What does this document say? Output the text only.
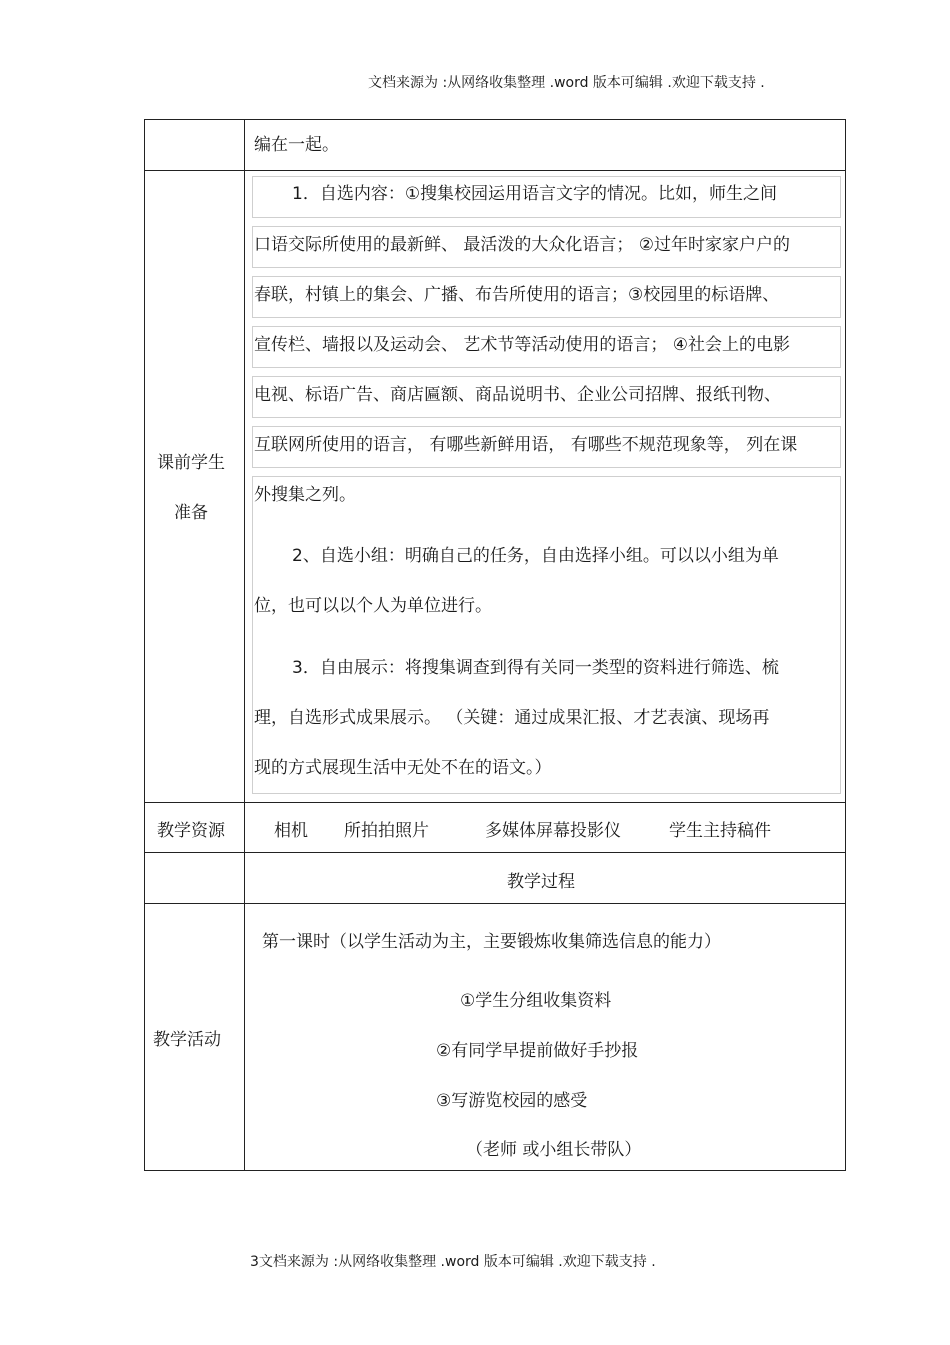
文档来源为 :从网络收集整理 .word 版本可编辑 .欢迎下载支持 .
编在一起。
课前学生
准备
1．自选内容：①搜集校园运用语言文字的情况。比如，师生之间
口语交际所使用的最新鲜、 最活泼的大众化语言； ②过年时家家户户的
春联，村镇上的集会、广播、布告所使用的语言；③校园里的标语牌、
宣传栏、墙报以及运动会、 艺术节等活动使用的语言； ④社会上的电影
电视、标语广告、商店匾额、商品说明书、企业公司招牌、报纸刊物、
互联网所使用的语言， 有哪些新鲜用语， 有哪些不规范现象等， 列在课
外搜集之列。
2、自选小组：明确自己的任务，自由选择小组。可以以小组为单
位，也可以以个人为单位进行。
3．自由展示：将搜集调查到得有关同一类型的资料进行筛选、梳
理，自选形式成果展示。 （关键：通过成果汇报、才艺表演、现场再
现的方式展现生活中无处不在的语文。）
教学资源	相机 所拍拍照片	多媒体屏幕投影仪	学生主持稿件
教学过程
教学活动
第一课时（以学生活动为主，主要锻炼收集筛选信息的能力）
①学生分组收集资料
②有同学早提前做好手抄报
③写游览校园的感受
（老师 或小组长带队）
3文档来源为 :从网络收集整理 .word 版本可编辑 .欢迎下载支持 .
